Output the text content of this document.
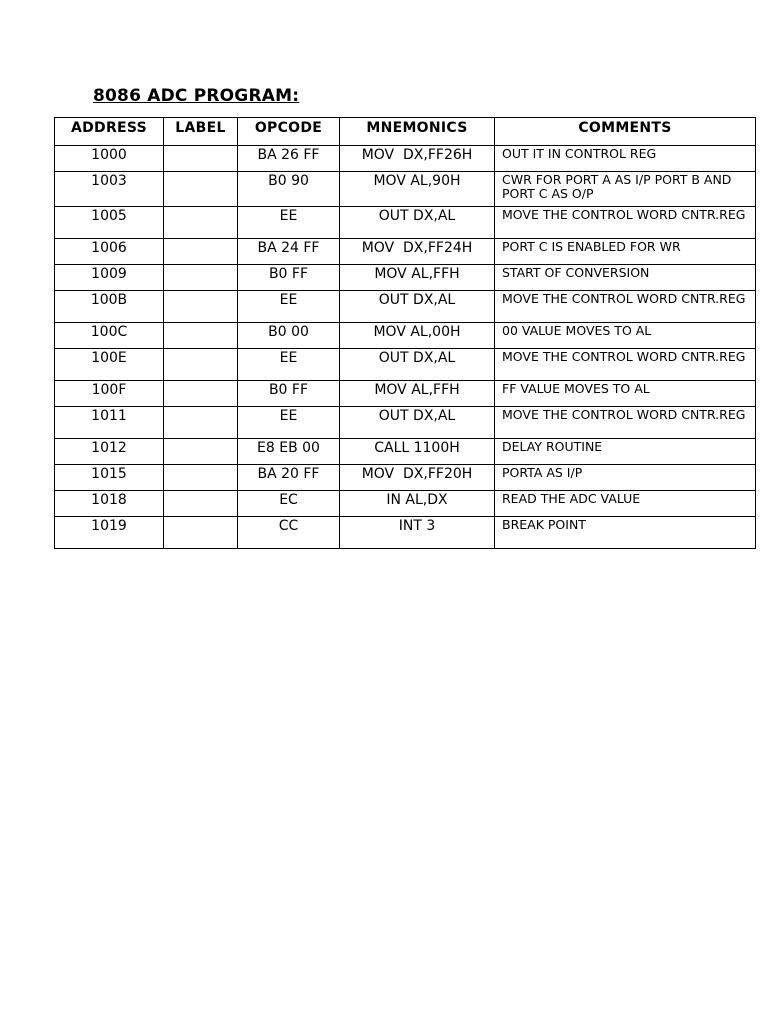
8086 ADC PROGRAM:
ADDRESS	LABEL	OPCODE	MNEMONICS	COMMENTS
1000		BA 26 FF	MOV  DX,FF26H	OUT IT IN CONTROL REG
1003		B0 90	MOV AL,90H	CWR FOR PORT A AS I/P PORT B AND PORT C AS O/P
1005		EE	OUT DX,AL	MOVE THE CONTROL WORD CNTR.REG
1006		BA 24 FF	MOV  DX,FF24H	PORT C IS ENABLED FOR WR
1009		B0 FF	MOV AL,FFH	START OF CONVERSION
100B		EE	OUT DX,AL	MOVE THE CONTROL WORD CNTR.REG
100C		B0 00	MOV AL,00H	00 VALUE MOVES TO AL
100E		EE	OUT DX,AL	MOVE THE CONTROL WORD CNTR.REG
100F		B0 FF	MOV AL,FFH	FF VALUE MOVES TO AL
1011		EE	OUT DX,AL	MOVE THE CONTROL WORD CNTR.REG
1012		E8 EB 00	CALL 1100H	DELAY ROUTINE
1015		BA 20 FF	MOV  DX,FF20H	PORTA AS I/P
1018		EC	IN AL,DX	READ THE ADC VALUE
1019		CC	INT 3	BREAK POINT
